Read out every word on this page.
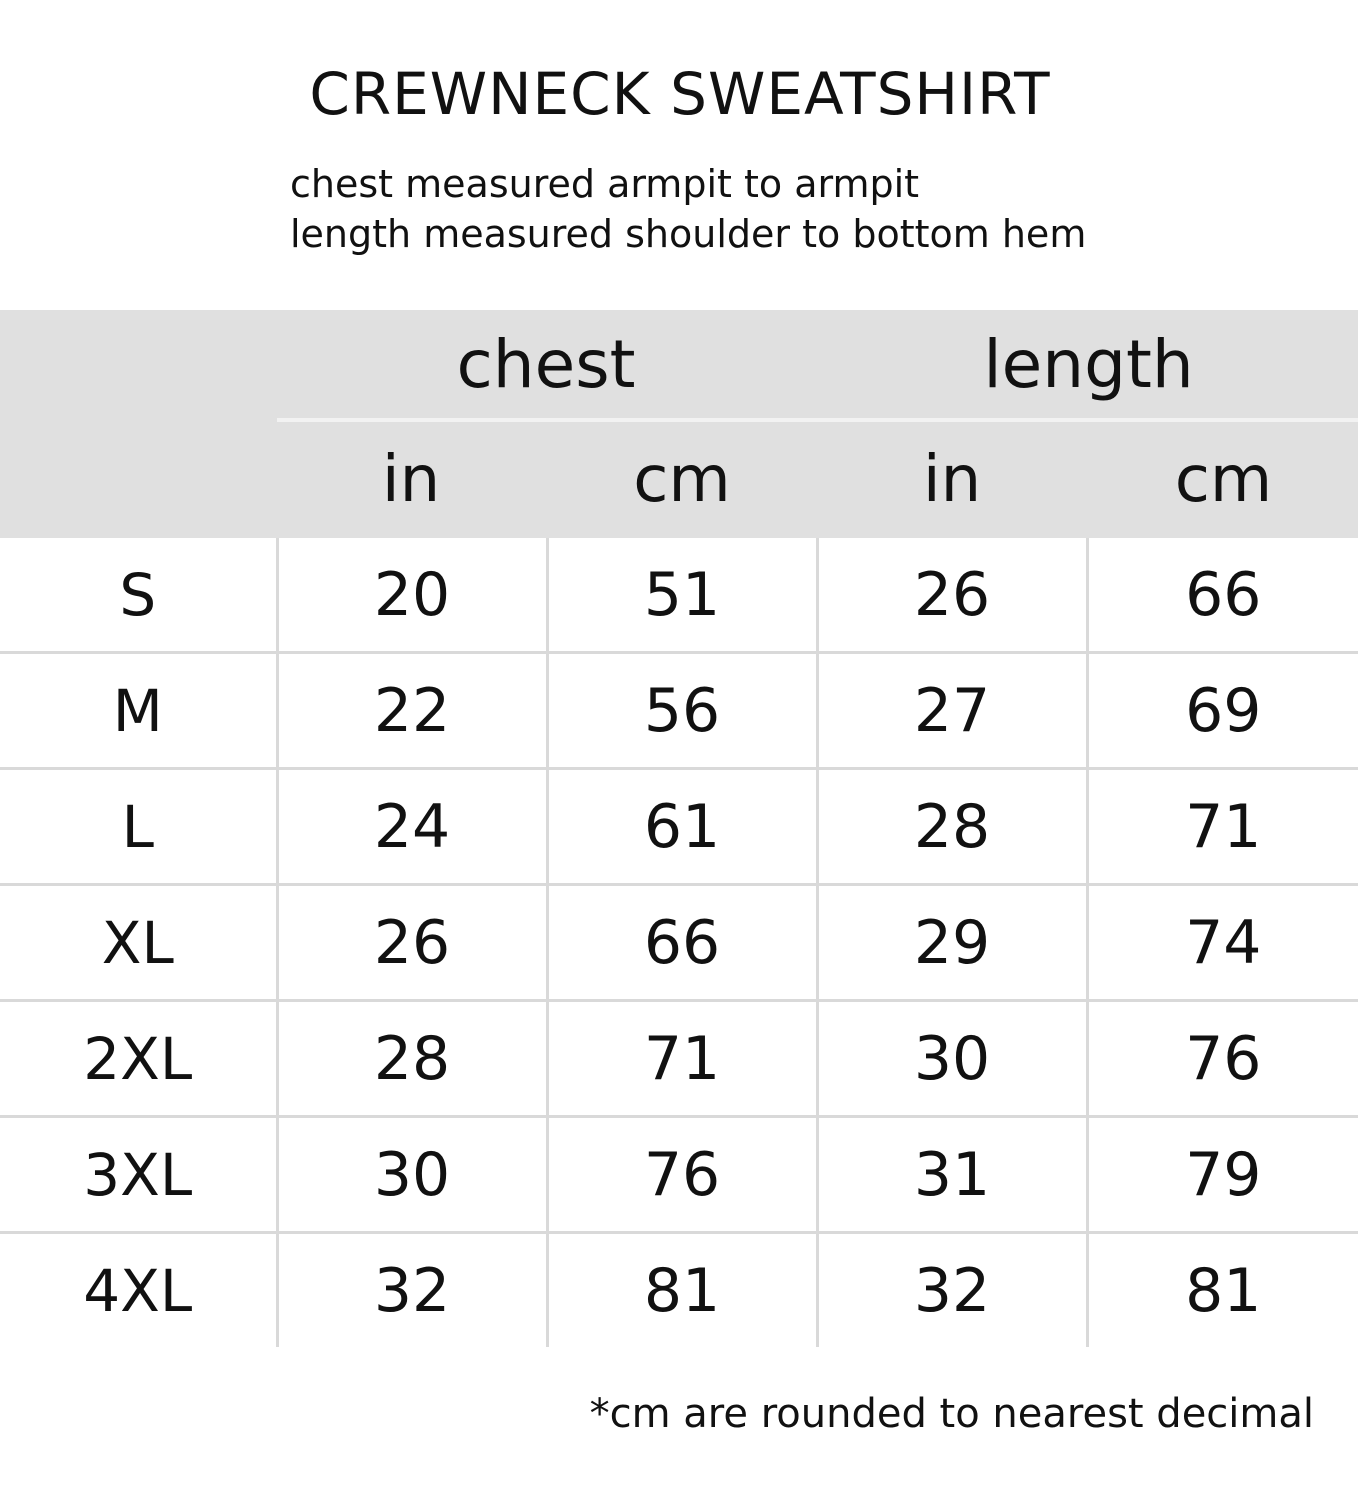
CREWNECK SWEATSHIRT
chest measured armpit to armpit
length measured shoulder to bottom hem
	chest		length	
	in	cm	in	cm
S	20	51	26	66
M	22	56	27	69
L	24	61	28	71
XL	26	66	29	74
2XL	28	71	30	76
3XL	30	76	31	79
4XL	32	81	32	81
*cm are rounded to nearest decimal
